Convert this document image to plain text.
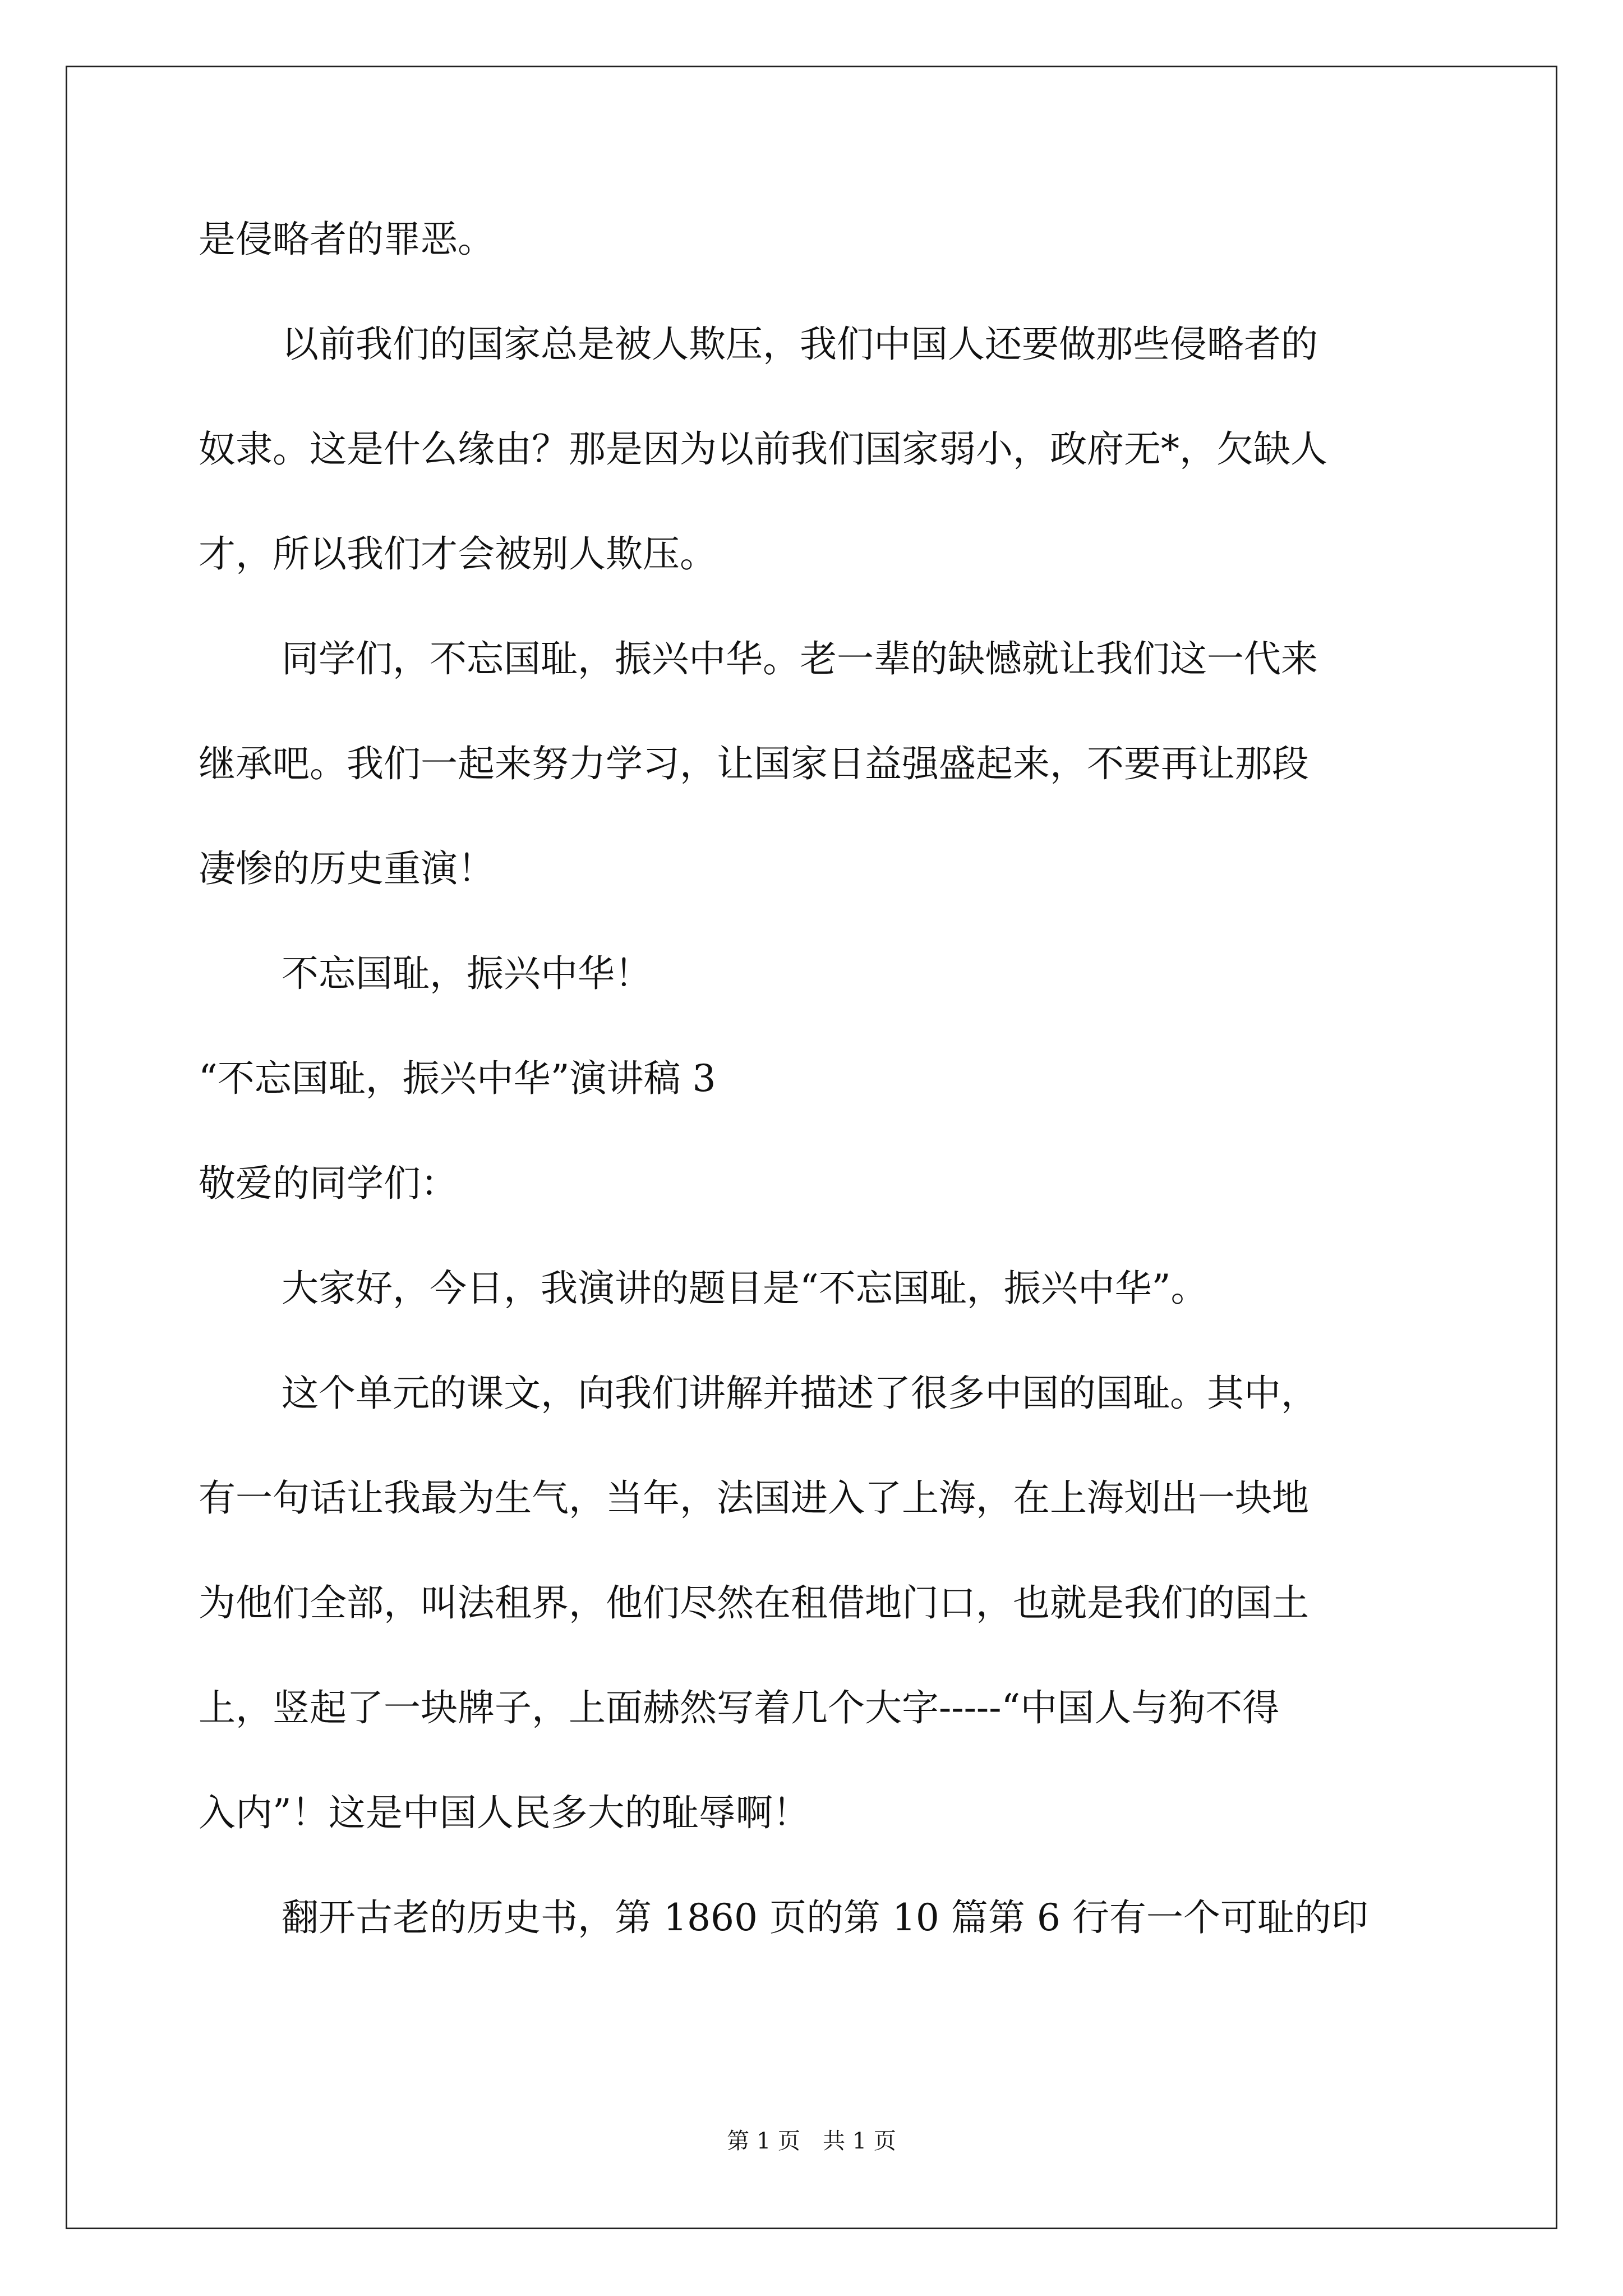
是侵略者的罪恶。
以前我们的国家总是被人欺压，我们中国人还要做那些侵略者的
奴隶。这是什么缘由？那是因为以前我们国家弱小，政府无*，欠缺人
才，所以我们才会被别人欺压。
同学们，不忘国耻，振兴中华。老一辈的缺憾就让我们这一代来
继承吧。我们一起来努力学习，让国家日益强盛起来，不要再让那段
凄惨的历史重演！
不忘国耻，振兴中华！
“不忘国耻，振兴中华”演讲稿 3
敬爱的同学们：
大家好，今日，我演讲的题目是“不忘国耻，振兴中华”。
这个单元的课文，向我们讲解并描述了很多中国的国耻。其中，
有一句话让我最为生气，当年，法国进入了上海，在上海划出一块地
为他们全部，叫法租界，他们尽然在租借地门口，也就是我们的国土
上，竖起了一块牌子，上面赫然写着几个大字-----“中国人与狗不得
入内”！这是中国人民多大的耻辱啊！
翻开古老的历史书，第 1860 页的第 10 篇第 6 行有一个可耻的印
第 1 页　共 1 页
